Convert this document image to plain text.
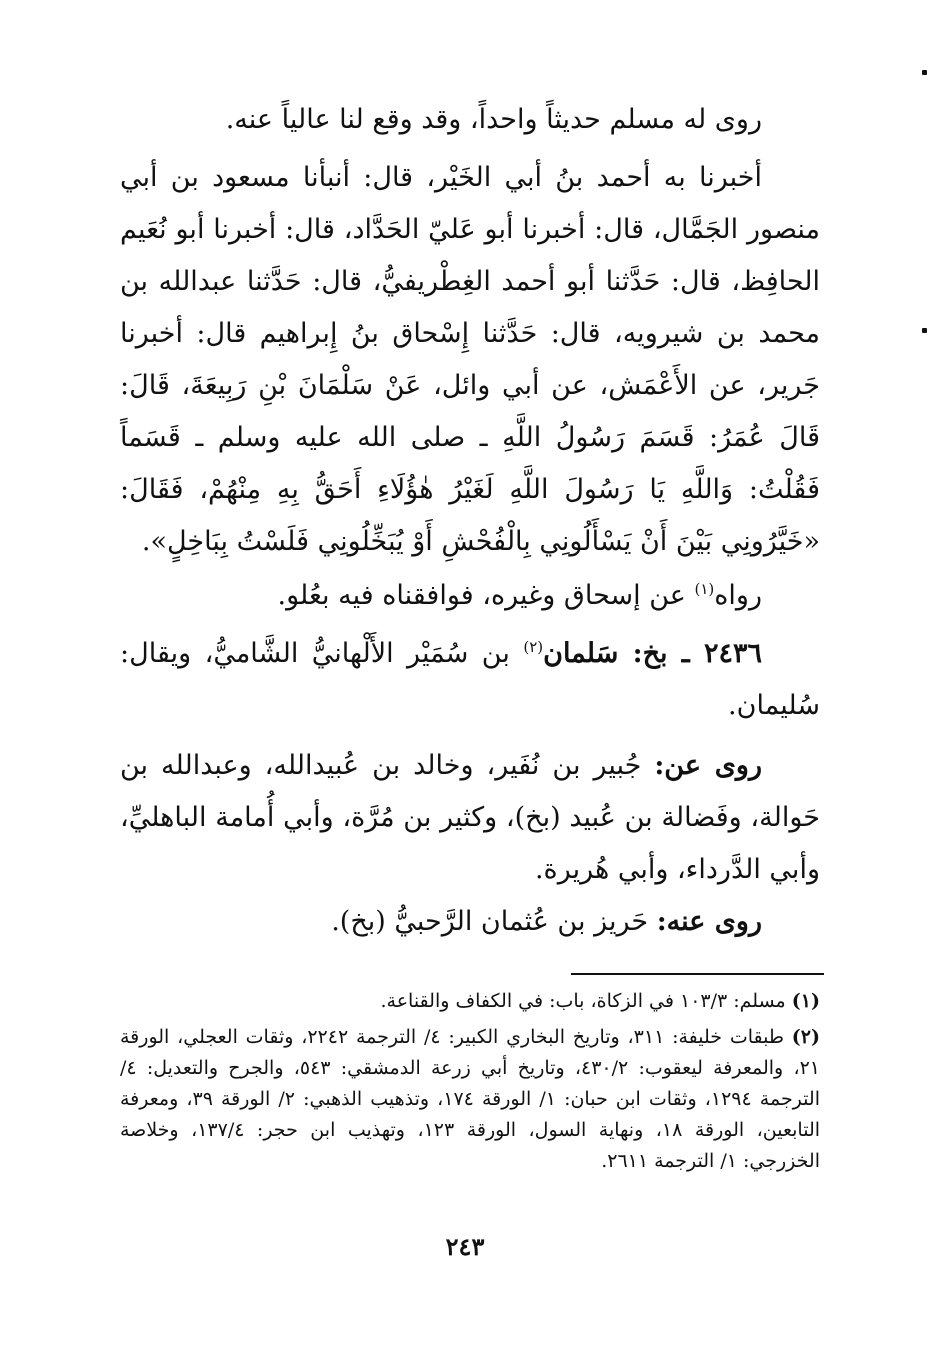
روى له مسلم حديثاً واحداً، وقد وقع لنا عالياً عنه.

أخبرنا به أحمد بنُ أبي الخَيْر، قال: أنبأنا مسعود بن أبي منصور الجَمَّال، قال: أخبرنا أبو عَليّ الحَدَّاد، قال: أخبرنا أبو نُعَيم الحافِظ، قال: حَدَّثنا أبو أحمد الغِطْريفيُّ، قال: حَدَّثنا عبدالله بن محمد بن شيرويه، قال: حَدَّثنا إِسْحاق بنُ إِبراهيم قال: أخبرنا جَرير، عن الأَعْمَش، عن أبي وائل، عَنْ سَلْمَانَ بْنِ رَبِيعَةَ، قَالَ: قَالَ عُمَرُ: قَسَمَ رَسُولُ اللَّهِ ـ صلى الله عليه وسلم ـ قَسَماً فَقُلْتُ: وَاللَّهِ يَا رَسُولَ اللَّهِ لَغَيْرُ هٰؤُلَاءِ أَحَقُّ بِهِ مِنْهُمْ، فَقَالَ: «خَيَّرُونِي بَيْنَ أَنْ يَسْأَلُونِي بِالْفُحْشِ أَوْ يُبَخِّلُونِي فَلَسْتُ بِبَاخِلٍ».

رواه$^{(١)}$ عن إسحاق وغيره، فوافقناه فيه بعُلو.

٢٤٣٦ ـ بخ: سَلمان$^{(٢)}$ بن سُمَيْر الأَلْهانيُّ الشَّاميُّ، ويقال: سُليمان.

روى عن: جُبير بن نُفَير، وخالد بن عُبيدالله، وعبدالله بن حَوالة، وفَضالة بن عُبيد (بخ)، وكثير بن مُرَّة، وأبي أُمامة الباهليِّ، وأبي الدَّرداء، وأبي هُريرة.

روى عنه: حَريز بن عُثمان الرَّحبيُّ (بخ).

(١) مسلم: ١٠٣/٣ في الزكاة، باب: في الكفاف والقناعة.
(٢) طبقات خليفة: ٣١١، وتاريخ البخاري الكبير: ٤/ الترجمة ٢٢٤٢، وثقات العجلي، الورقة ٢١، والمعرفة ليعقوب: ٤٣٠/٢، وتاريخ أبي زرعة الدمشقي: ٥٤٣، والجرح والتعديل: ٤/ الترجمة ١٢٩٤، وثقات ابن حبان: ١/ الورقة ١٧٤، وتذهيب الذهبي: ٢/ الورقة ٣٩، ومعرفة التابعين، الورقة ١٨، ونهاية السول، الورقة ١٢٣، وتهذيب ابن حجر: ١٣٧/٤، وخلاصة الخزرجي: ١/ الترجمة ٢٦١١.
٢٤٣
